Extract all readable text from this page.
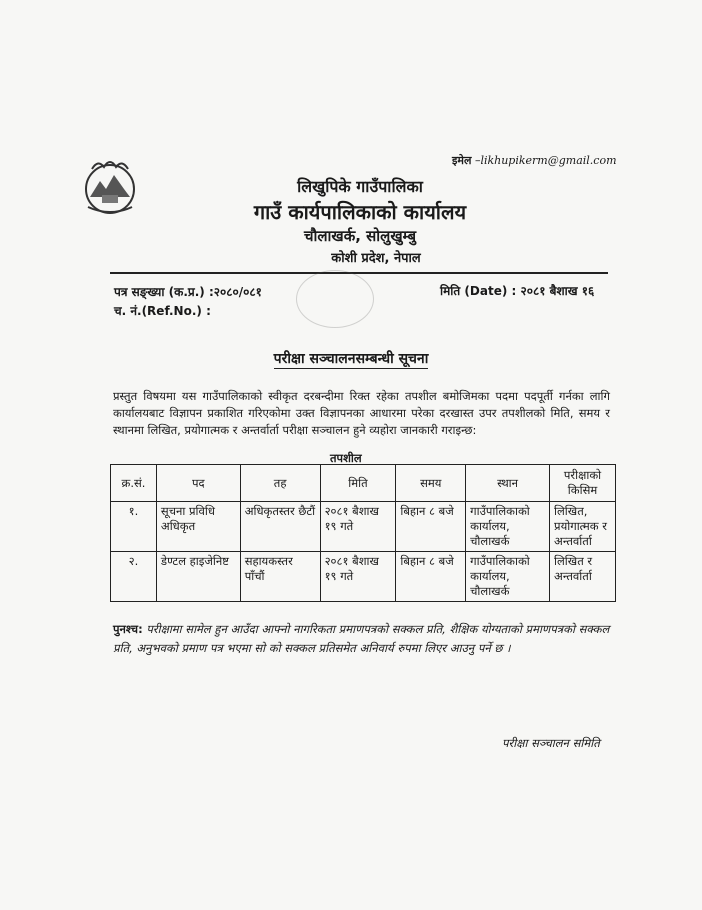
इमेल –likhupikerm@gmail.com
लिखुपिके गाउँपालिका
गाउँ कार्यपालिकाको कार्यालय
चौलाखर्क, सोलुखुम्बु
कोशी प्रदेश, नेपाल
पत्र सङ्ख्या (क.प्र.) :२०८०/०८१
च. नं.(Ref.No.) :
मिति (Date) : २०८१ बैशाख १६
परीक्षा सञ्चालनसम्बन्धी सूचना
प्रस्तुत विषयमा यस गाउँपालिकाको स्वीकृत दरबन्दीमा रिक्त रहेका तपशील बमोजिमका पदमा पदपूर्ती गर्नका लागि कार्यालयबाट विज्ञापन प्रकाशित गरिएकोमा उक्त विज्ञापनका आधारमा परेका दरखास्त उपर तपशीलको मिति, समय र स्थानमा लिखित, प्रयोगात्मक र अन्तर्वार्ता परीक्षा सञ्चालन हुने व्यहोरा जानकारी गराइन्छ:
तपशील
क्र.सं.	पद	तह	मिति	समय	स्थान	परीक्षाको किसिम
१.	सूचना प्रविधि अधिकृत	अधिकृतस्तर छैटौं	२०८१ बैशाख १९ गते	बिहान ८ बजे	गाउँपालिकाको कार्यालय, चौलाखर्क	लिखित, प्रयोगात्मक र अन्तर्वार्ता
२.	डेण्टल हाइजेनिष्ट	सहायकस्तर पाँचौं	२०८१ बैशाख १९ गते	बिहान ८ बजे	गाउँपालिकाको कार्यालय, चौलाखर्क	लिखित र अन्तर्वार्ता
पुनश्च: परीक्षामा सामेल हुन आउँदा आफ्नो नागरिकता प्रमाणपत्रको सक्कल प्रति, शैक्षिक योग्यताको प्रमाणपत्रको सक्कल प्रति, अनुभवको प्रमाण पत्र भएमा सो को सक्कल प्रतिसमेत अनिवार्य रुपमा लिएर आउनु पर्ने छ ।
परीक्षा सञ्चालन समिति
